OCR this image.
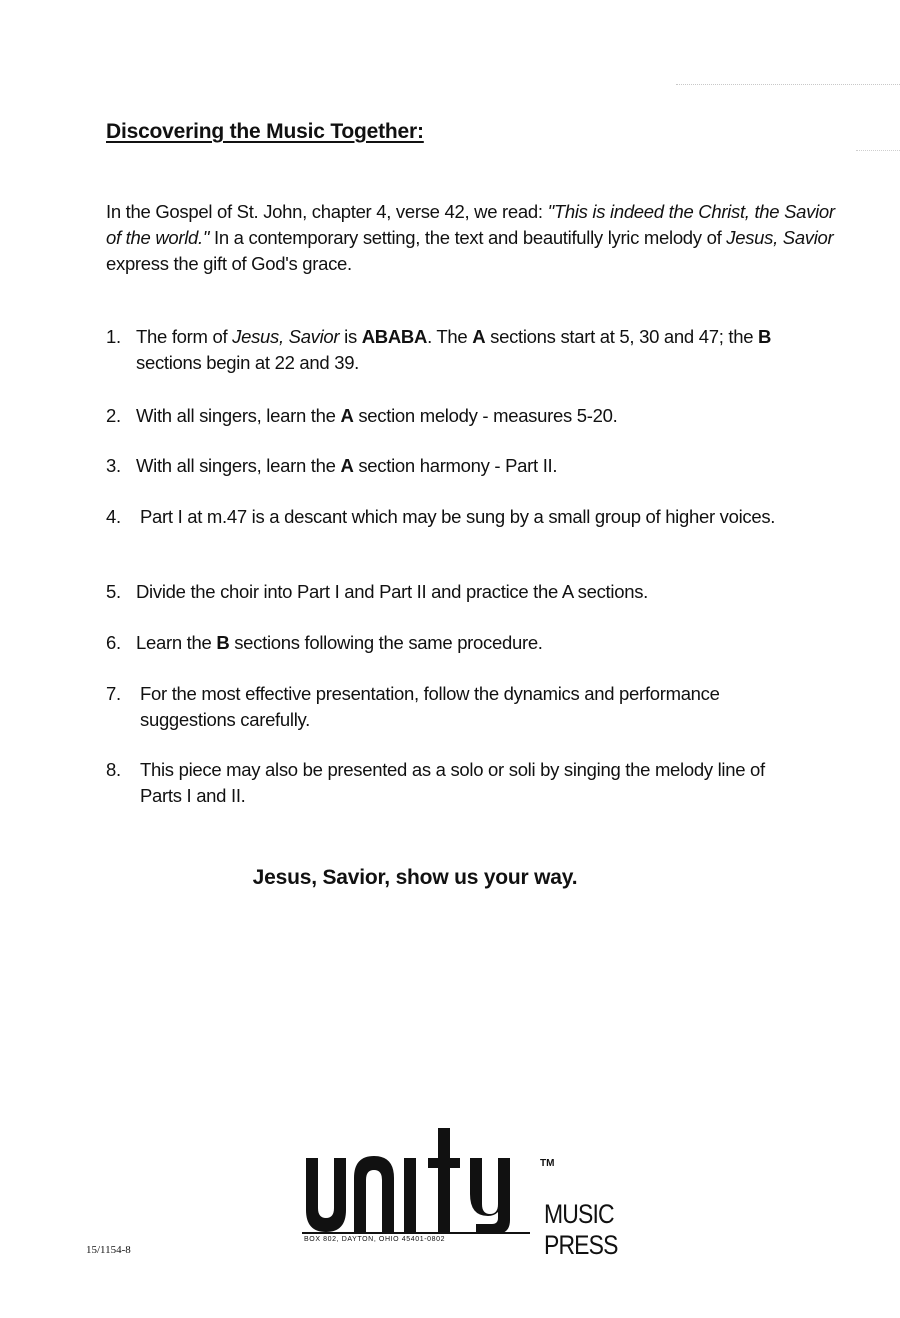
Discovering the Music Together:

In the Gospel of St. John, chapter 4, verse 42, we read: "This is indeed the Christ, the Savior of the world." In a contemporary setting, the text and beautifully lyric melody of Jesus, Savior express the gift of God's grace.

1. The form of Jesus, Savior is ABABA. The A sections start at 5, 30 and 47; the B sections begin at 22 and 39.
2. With all singers, learn the A section melody - measures 5-20.
3. With all singers, learn the A section harmony - Part II.
4.	Part I at m.47 is a descant which may be sung by a small group of higher voices.
5. Divide the choir into Part I and Part II and practice the A sections.
6. Learn the B sections following the same procedure.
7.	For the most effective presentation, follow the dynamics and performance suggestions carefully.
8.	This piece may also be presented as a solo or soli by singing the melody line of Parts I and II.
Jesus, Savior, show us your way.
BOX 802, DAYTON, OHIO 45401-0802
TM
MUSIC
PRESS
15/1154-8
